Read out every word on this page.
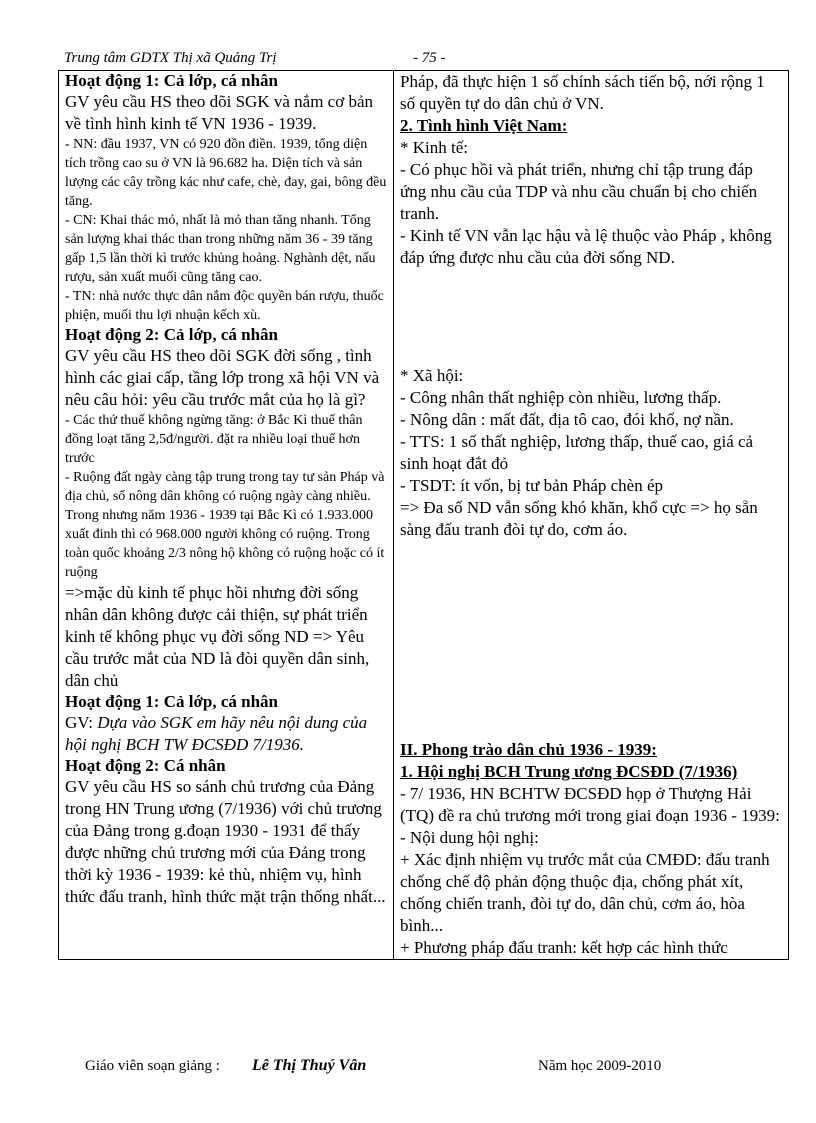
Trung tâm GDTX Thị xã Quảng Trị	- 75 -
Hoạt động 1: Cả lớp, cá nhân
GV yêu cầu HS theo dõi SGK và nắm cơ bản về tình hình kinh tế VN 1936 - 1939.
- NN: đầu 1937, VN có 920 đồn điền. 1939, tổng diện tích trồng cao su ở VN là 96.682 ha. Diện tích và sản lượng các cây trồng kác như cafe, chè, đay, gai, bông đều tăng.
- CN: Khai thác mỏ, nhất là mỏ than tăng nhanh. Tổng sản lượng khai thác than trong những năm 36 - 39 tăng gấp 1,5 lần thời kì trước khủng hoảng. Nghành dệt, nấu rượu, sản xuất muối cũng tăng cao.
- TN: nhà nước thực dân nắm độc quyền bán rượu, thuốc phiện, muối thu lợi nhuận kếch xù.
Hoạt động 2: Cả lớp, cá nhân
GV yêu cầu HS theo dõi SGK đời sống , tình hình các giai cấp, tầng lớp trong xã hội VN và nêu câu hỏi: yêu cầu trước mắt của họ là gì?
- Các thứ thuế không ngừng tăng: ở Bắc Kì thuế thân đồng loạt tăng 2,5đ/người. đặt ra nhiều loại thuế hơn trước
- Ruộng đất ngày càng tập trung trong tay tư sản Pháp và địa chủ, số nông dân không có ruộng ngày càng nhiều. Trong nhưng năm 1936 - 1939 tại Bắc Kì có 1.933.000 xuất đinh thì có 968.000 người không có ruộng. Trong toàn quốc khoảng 2/3 nông hộ không có ruộng hoặc có ít ruộng
=>mặc dù kinh tế phục hồi nhưng đời sống nhân dân không được cải thiện, sự phát triển kinh tế không phục vụ đời sống ND => Yêu cầu trước mắt của ND là đòi quyền dân sinh, dân chủ
Hoạt động 1: Cả lớp, cá nhân
GV: Dựa vào SGK em hãy nêu nội dung của hội nghị BCH TW ĐCSĐD 7/1936.
Hoạt động 2: Cá nhân
GV yêu cầu HS so sánh chủ trương của Đảng trong HN Trung ương (7/1936) với chủ trương của Đảng trong g.đoạn 1930 - 1931 để thấy được những chủ trương mới của Đảng trong thời kỳ 1936 - 1939: kẻ thù, nhiệm vụ, hình thức đấu tranh, hình thức mặt trận thống nhất...

Pháp, đã thực hiện 1 số chính sách tiến bộ, nới rộng 1 số quyền tự do dân chủ ở VN.
2. Tình hình Việt Nam:
* Kinh tế:
- Có phục hồi và phát triển, nhưng chỉ tập trung đáp ứng nhu cầu của TDP và nhu cầu chuẩn bị cho chiến tranh.
- Kinh tế VN vẫn lạc hậu và lệ thuộc vào Pháp , không đáp ứng được nhu cầu của đời sống ND.
* Xã hội:
- Công nhân thất nghiệp còn nhiều, lương thấp.
- Nông dân : mất đất, địa tô cao, đói khổ, nợ nần.
- TTS: 1 số thất nghiệp, lương thấp, thuế cao, giá cả sinh hoạt đắt đỏ
- TSDT: ít vốn, bị tư bản Pháp chèn ép
=> Đa số ND vẫn sống khó khăn, khổ cực => họ sẵn sàng đấu tranh đòi tự do, cơm áo.
II. Phong trào dân chủ 1936 - 1939:
1. Hội nghị BCH Trung ương ĐCSĐD (7/1936)
- 7/ 1936, HN BCHTW ĐCSĐD họp ở Thượng Hải (TQ) đề ra chủ trương mới trong giai đoạn 1936 - 1939:
- Nội dung hội nghị:
+ Xác định nhiệm vụ trước mắt của CMĐD: đấu tranh chống chế độ phản động thuộc địa, chống phát xít, chống chiến tranh, đòi tự do, dân chủ, cơm áo, hòa bình...
+ Phương pháp đấu tranh: kết hợp các hình thức
Giáo viên soạn giảng : Lê Thị Thuý Vân	Năm học 2009-2010
